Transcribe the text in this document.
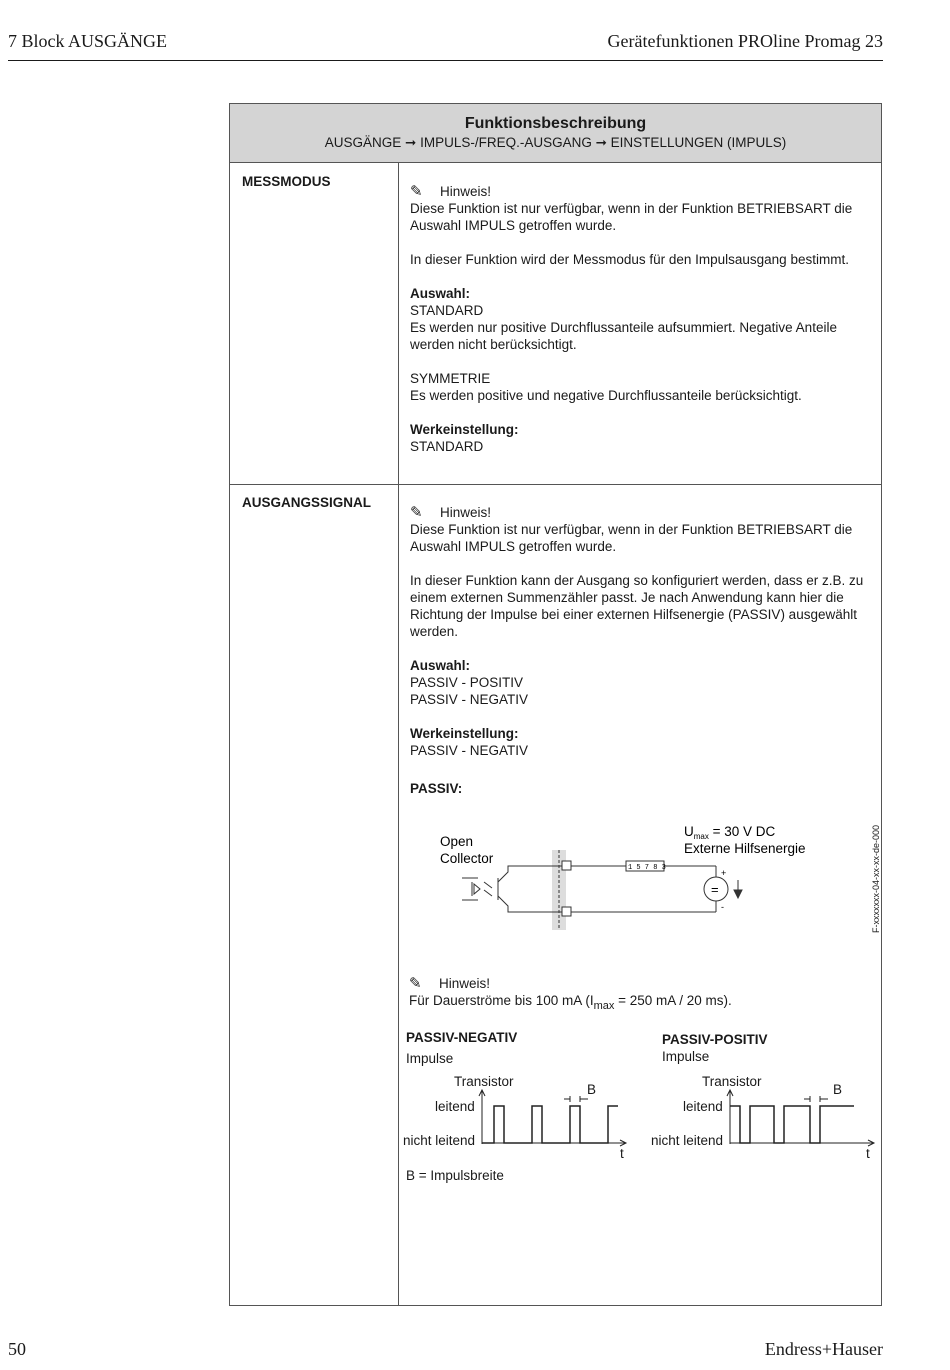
7 Block AUSGÄNGE	Gerätefunktionen PROline Promag 23
Funktionsbeschreibung
AUSGÄNGE ➞ IMPULS-/FREQ.-AUSGANG ➞ EINSTELLUNGEN (IMPULS)
MESSMODUS

✎ Hinweis!
Diese Funktion ist nur verfügbar, wenn in der Funktion BETRIEBSART die Auswahl IMPULS getroffen wurde.

In dieser Funktion wird der Messmodus für den Impulsausgang bestimmt.

Auswahl:
STANDARD
Es werden nur positive Durchflussanteile aufsummiert. Negative Anteile werden nicht berücksichtigt.

SYMMETRIE
Es werden positive und negative Durchflussanteile berücksichtigt.

Werkeinstellung:
STANDARD

AUSGANGSSIGNAL

✎ Hinweis!
Diese Funktion ist nur verfügbar, wenn in der Funktion BETRIEBSART die Auswahl IMPULS getroffen wurde.

In dieser Funktion kann der Ausgang so konfiguriert werden, dass er z.B. zu einem externen Summenzähler passt. Je nach Anwendung kann hier die Richtung der Impulse bei einer externen Hilfsenergie (PASSIV) ausgewählt werden.

Auswahl:
PASSIV - POSITIV
PASSIV - NEGATIV

Werkeinstellung:
PASSIV - NEGATIV

PASSIV:

Open
Collector
$U_{max} = 30$ V DC
Externe Hilfsenergie
1 5 7 8 3
=
+
-	F-xxxxxxx-04-xx-xx-de-000
✎ Hinweis!
Für Dauerströme bis 100 mA ($I_{max} = 250$ mA / 20 ms).
PASSIV-NEGATIV
Impulse
Transistor
leitend
nicht leitend
B
t
PASSIV-POSITIV
Impulse
Transistor
leitend
nicht leitend
B
t
B = Impulsbreite
50	Endress+Hauser
